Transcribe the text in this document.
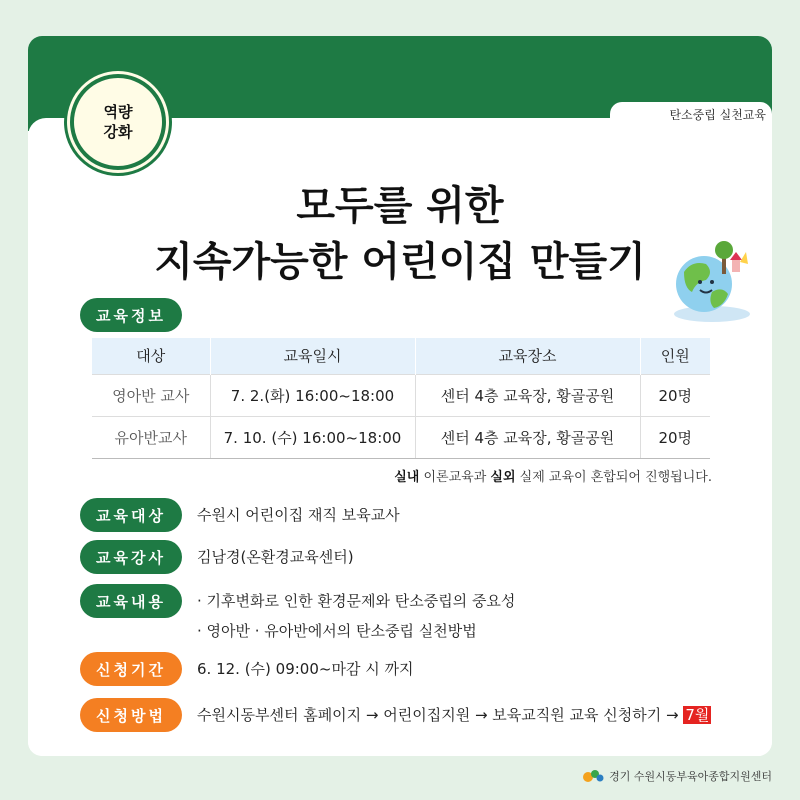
탄소중립 실천교육
역량
강화
모두를 위한
지속가능한 어린이집 만들기
교육정보
대상	교육일시	교육장소	인원
영아반 교사	7. 2.(화) 16:00~18:00	센터 4층 교육장, 황골공원	20명
유아반교사	7. 10. (수) 16:00~18:00	센터 4층 교육장, 황골공원	20명
실내 이론교육과 실외 실제 교육이 혼합되어 진행됩니다.
교육대상	수원시 어린이집 재직 보육교사
교육강사	김남경(온환경교육센터)
교육내용	· 기후변화로 인한 환경문제와 탄소중립의 중요성
· 영아반 · 유아반에서의 탄소중립 실천방법
신청기간	6. 12. (수) 09:00~마감 시 까지
신청방법	수원시동부센터 홈페이지 → 어린이집지원 → 보육교직원 교육 신청하기 → 7월
경기 수원시동부육아종합지원센터
